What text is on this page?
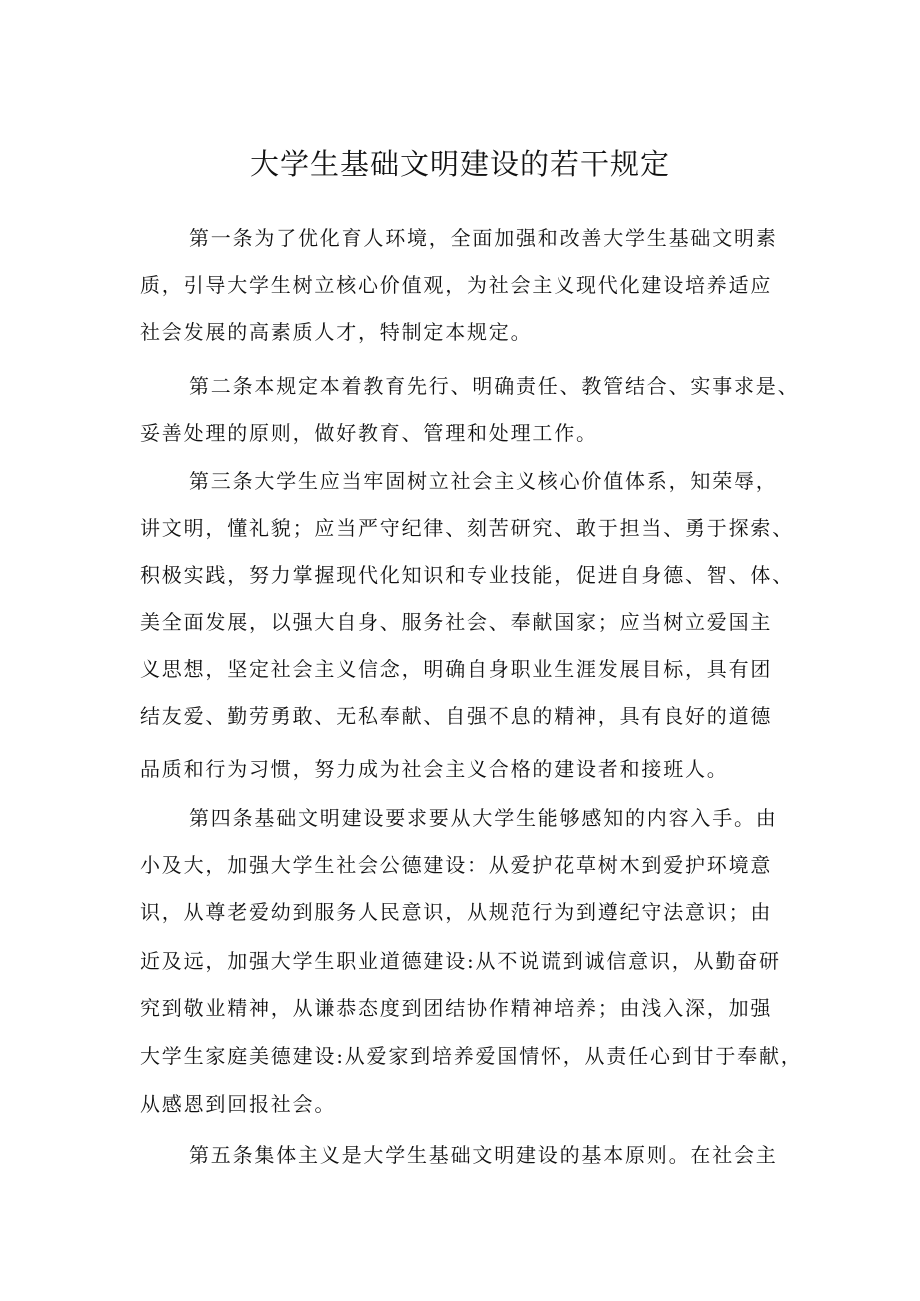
大学生基础文明建设的若干规定
第一条为了优化育人环境，全面加强和改善大学生基础文明素
质，引导大学生树立核心价值观，为社会主义现代化建设培养适应
社会发展的高素质人才，特制定本规定。
第二条本规定本着教育先行、明确责任、教管结合、实事求是、
妥善处理的原则，做好教育、管理和处理工作。
第三条大学生应当牢固树立社会主义核心价值体系，知荣辱，
讲文明，懂礼貌；应当严守纪律、刻苦研究、敢于担当、勇于探索、
积极实践，努力掌握现代化知识和专业技能，促进自身德、智、体、
美全面发展，以强大自身、服务社会、奉献国家；应当树立爱国主
义思想，坚定社会主义信念，明确自身职业生涯发展目标，具有团
结友爱、勤劳勇敢、无私奉献、自强不息的精神，具有良好的道德
品质和行为习惯，努力成为社会主义合格的建设者和接班人。
第四条基础文明建设要求要从大学生能够感知的内容入手。由
小及大，加强大学生社会公德建设：从爱护花草树木到爱护环境意
识，从尊老爱幼到服务人民意识，从规范行为到遵纪守法意识；由
近及远，加强大学生职业道德建设:从不说谎到诚信意识，从勤奋研
究到敬业精神，从谦恭态度到团结协作精神培养；由浅入深，加强
大学生家庭美德建设:从爱家到培养爱国情怀，从责任心到甘于奉献，
从感恩到回报社会。
第五条集体主义是大学生基础文明建设的基本原则。在社会主
